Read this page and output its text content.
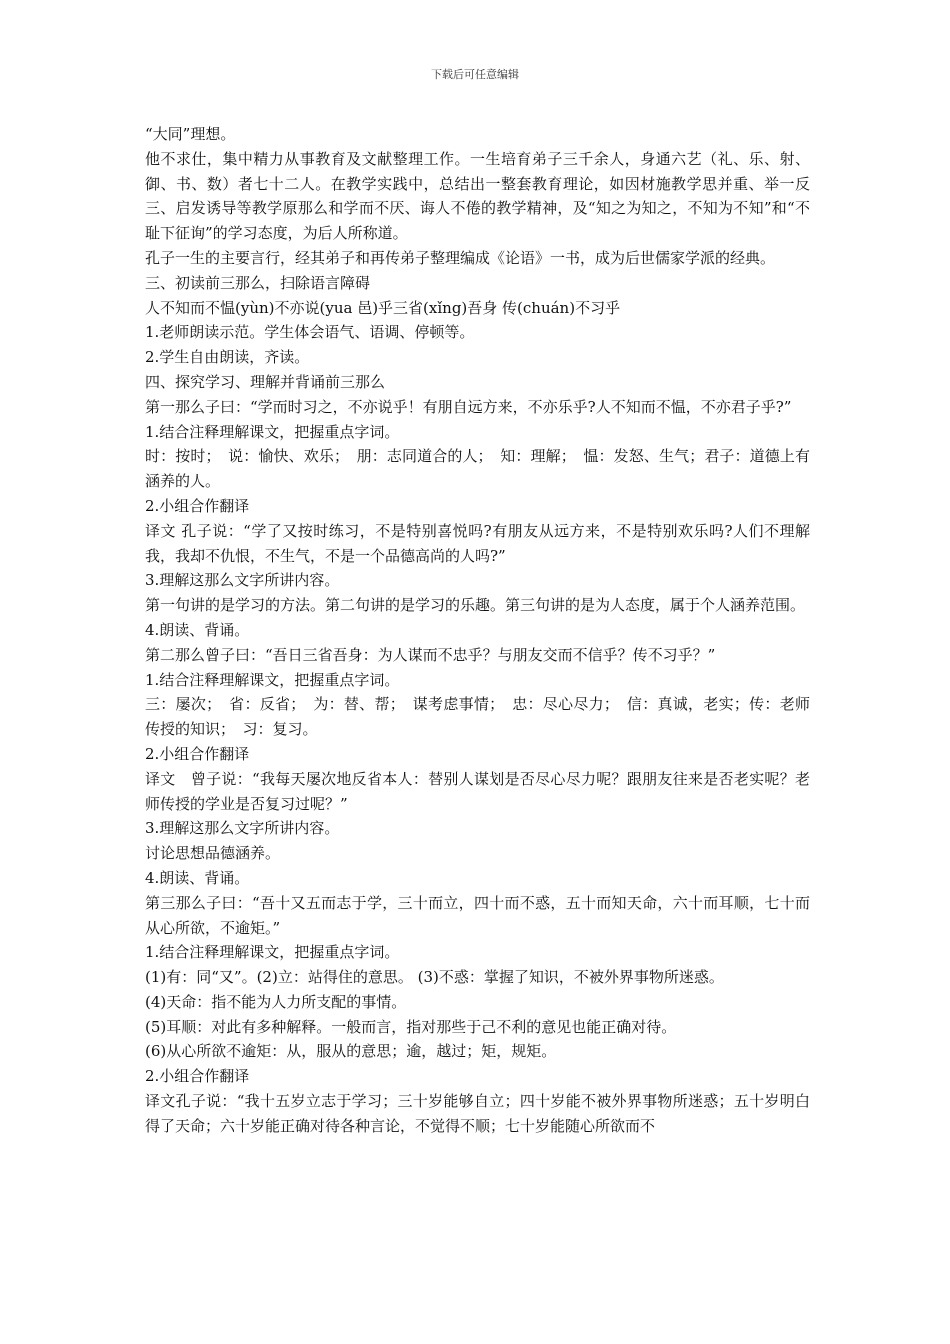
下载后可任意编辑

“大同”理想。

他不求仕，集中精力从事教育及文献整理工作。一生培育弟子三千余人，身通六艺（礼、乐、射、御、书、数）者七十二人。在教学实践中，总结出一整套教育理论，如因材施教学思并重、举一反三、启发诱导等教学原那么和学而不厌、诲人不倦的教学精神，及“知之为知之，不知为不知”和“不耻下征询”的学习态度，为后人所称道。

孔子一生的主要言行，经其弟子和再传弟子整理编成《论语》一书，成为后世儒家学派的经典。

三、初读前三那么，扫除语言障碍

人不知而不愠(yùn)不亦说(yua 邑)乎三省(xǐng)吾身 传(chuán)不习乎

1.老师朗读示范。学生体会语气、语调、停顿等。

2.学生自由朗读，齐读。

四、探究学习、理解并背诵前三那么

第一那么子曰：“学而时习之，不亦说乎！有朋自远方来，不亦乐乎?人不知而不愠，不亦君子乎?”

1.结合注释理解课文，把握重点字词。

时：按时；　说：愉快、欢乐；　朋：志同道合的人；　知：理解；　愠：发怒、生气；君子：道德上有涵养的人。

2.小组合作翻译

译文 孔子说：“学了又按时练习，不是特别喜悦吗?有朋友从远方来，不是特别欢乐吗?人们不理解我，我却不仇恨，不生气，不是一个品德高尚的人吗?”

3.理解这那么文字所讲内容。

第一句讲的是学习的方法。第二句讲的是学习的乐趣。第三句讲的是为人态度，属于个人涵养范围。

4.朗读、背诵。

第二那么曾子曰：“吾日三省吾身：为人谋而不忠乎？与朋友交而不信乎？传不习乎？”

1.结合注释理解课文，把握重点字词。

三：屡次；　省：反省；　为：替、帮；　谋考虑事情；　忠：尽心尽力；　信：真诚，老实；传：老师传授的知识；　习：复习。

2.小组合作翻译

译文　曾子说：“我每天屡次地反省本人：替别人谋划是否尽心尽力呢？跟朋友往来是否老实呢？老师传授的学业是否复习过呢？”

3.理解这那么文字所讲内容。

讨论思想品德涵养。

4.朗读、背诵。

第三那么子曰：“吾十又五而志于学，三十而立，四十而不惑，五十而知天命，六十而耳顺，七十而从心所欲，不逾矩。”

1.结合注释理解课文，把握重点字词。

(1)有：同“又”。(2)立：站得住的意思。 (3)不惑：掌握了知识，不被外界事物所迷惑。

(4)天命：指不能为人力所支配的事情。

(5)耳顺：对此有多种解释。一般而言，指对那些于己不利的意见也能正确对待。

(6)从心所欲不逾矩：从，服从的意思；逾，越过；矩，规矩。

2.小组合作翻译

译文孔子说：“我十五岁立志于学习；三十岁能够自立；四十岁能不被外界事物所迷惑；五十岁明白得了天命；六十岁能正确对待各种言论，不觉得不顺；七十岁能随心所欲而不
